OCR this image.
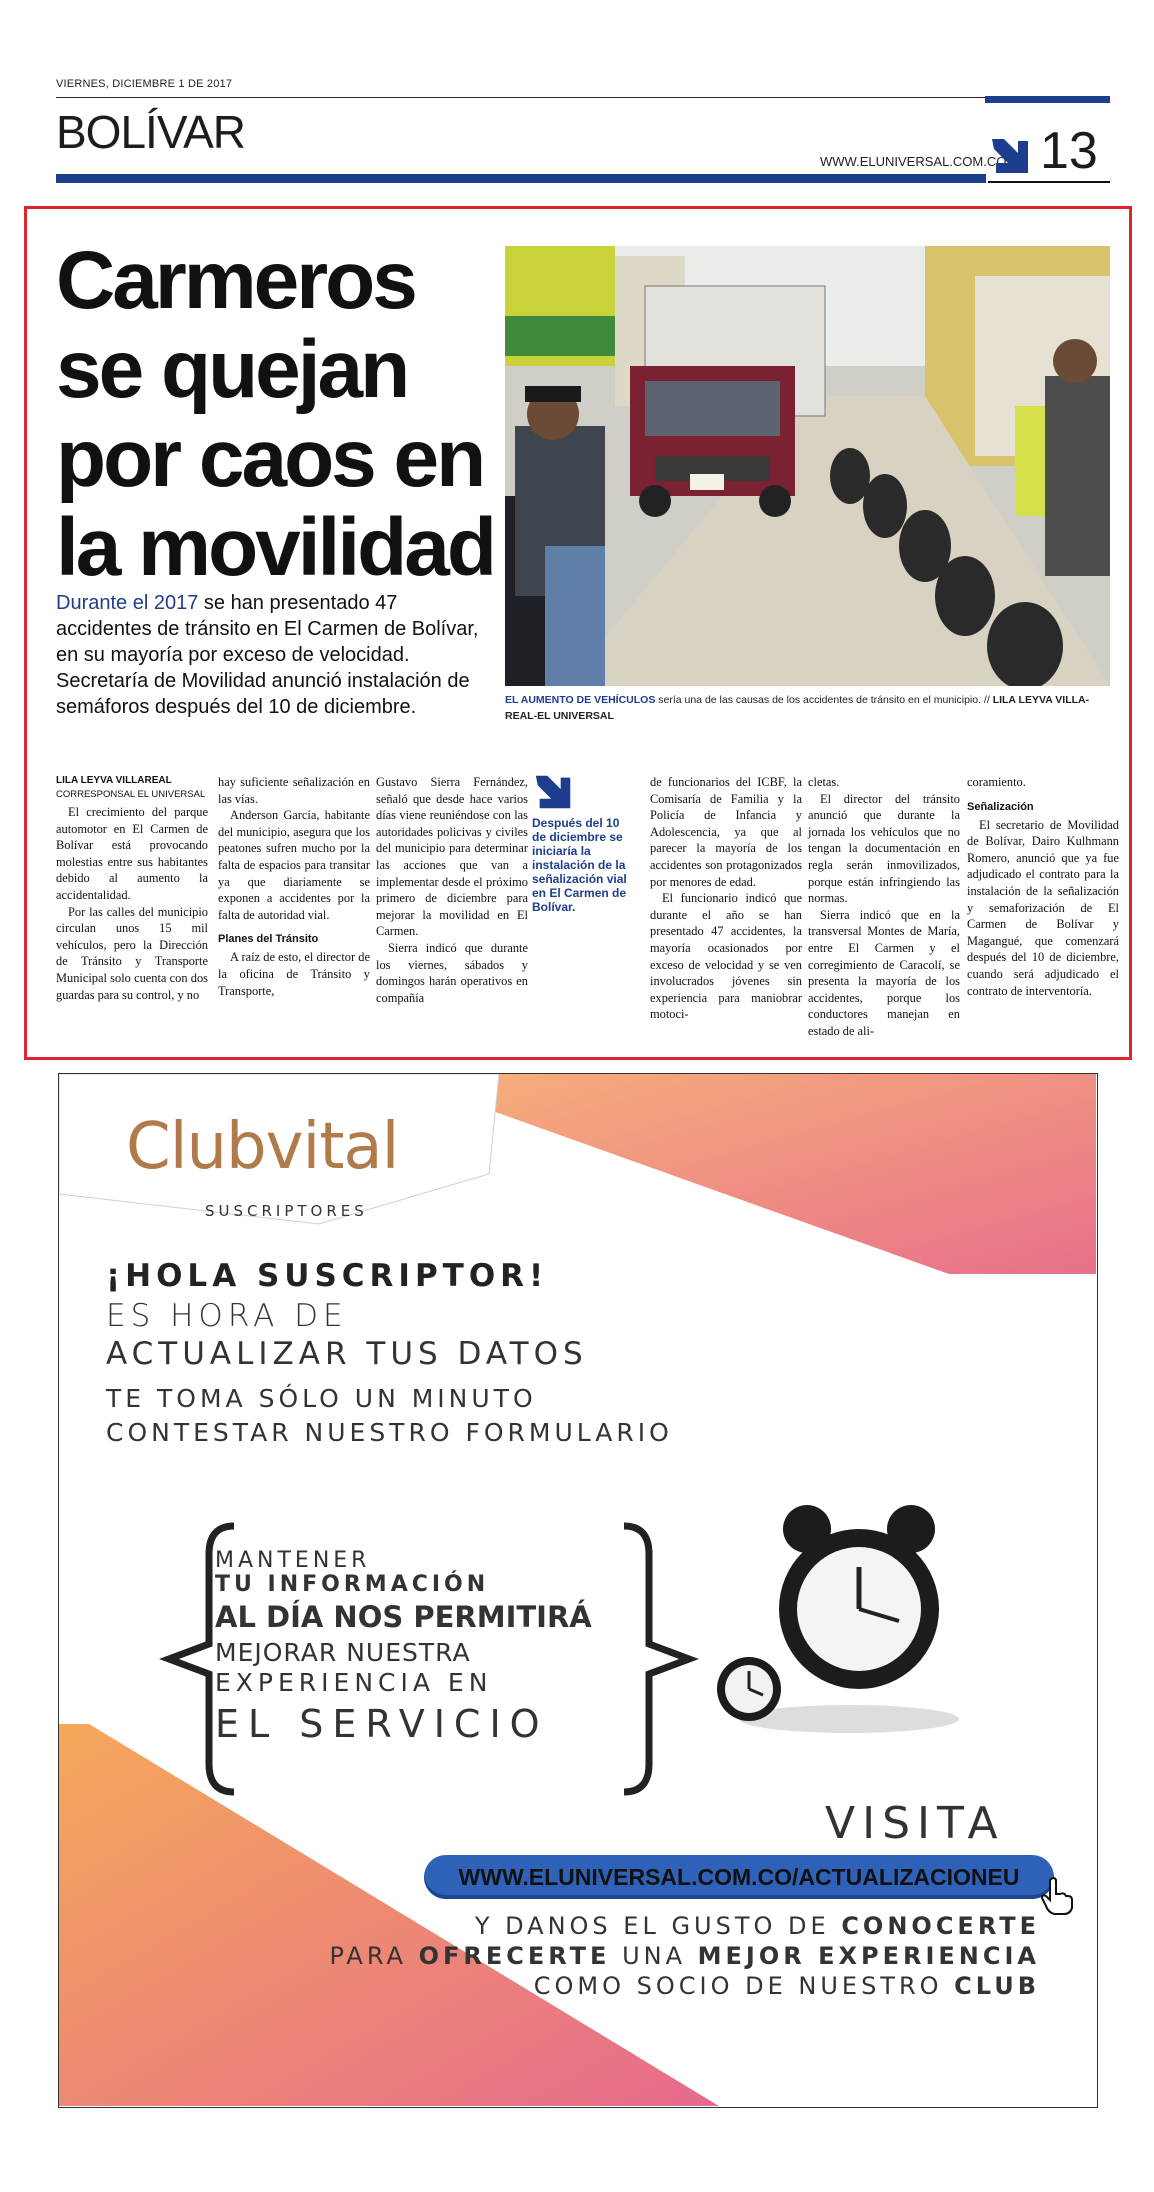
VIERNES, DICIEMBRE 1 DE 2017
BOLÍVAR
WWW.ELUNIVERSAL.COM.CO 13
Carmeros se quejan por caos en la movilidad
Durante el 2017 se han presentado 47 accidentes de tránsito en El Carmen de Bolívar, en su mayoría por exceso de velocidad. Secretaría de Movilidad anunció instalación de semáforos después del 10 de diciembre.	EL AUMENTO DE VEHÍCULOS sería una de las causas de los accidentes de tránsito en el municipio. // LILA LEYVA VILLA-REAL-EL UNIVERSAL
LILA LEYVA VILLAREAL
CORRESPONSAL EL UNIVERSAL

El crecimiento del parque automotor en El Carmen de Bolívar está provocando molestias entre sus habitantes debido al aumento la accidentalidad.

Por las calles del municipio circulan unos 15 mil vehículos, pero la Dirección de Tránsito y Transporte Municipal solo cuenta con dos guardas para su control, y no

hay suficiente señalización en las vías.

Anderson García, habitante del municipio, asegura que los peatones sufren mucho por la falta de espacios para transitar ya que diariamente se exponen a accidentes por la falta de autoridad vial.

Planes del Tránsito

A raíz de esto, el director de la oficina de Tránsito y Transporte,

Gustavo Sierra Fernández, señaló que desde hace varios días viene reuniéndose con las autoridades policivas y civiles del municipio para determinar las acciones que van a implementar desde el próximo primero de diciembre para mejorar la movilidad en El Carmen.

Sierra indicó que durante los viernes, sábados y domingos harán operativos en compañía

Después del 10 de diciembre se iniciaría la instalación de la señalización vial en El Carmen de Bolívar.

de funcionarios del ICBF, la Comisaría de Familia y la Policía de Infancia y Adolescencia, ya que al parecer la mayoría de los accidentes son protagonizados por menores de edad.

El funcionario indicó que durante el año se han presentado 47 accidentes, la mayoría ocasionados por exceso de velocidad y se ven involucrados jóvenes sin experiencia para maniobrar motoci-

cletas.

El director del tránsito anunció que durante la jornada los vehículos que no tengan la documentación en regla serán inmovilizados, porque están infringiendo las normas.

Sierra indicó que en la transversal Montes de María, entre El Carmen y el corregimiento de Caracolí, se presenta la mayoría de los accidentes, porque los conductores manejan en estado de ali-

coramiento.

Señalización

El secretario de Movilidad de Bolívar, Dairo Kulhmann Romero, anunció que ya fue adjudicado el contrato para la instalación de la señalización y semaforización de El Carmen de Bolívar y Magangué, que comenzará después del 10 de diciembre, cuando será adjudicado el contrato de interventoría.

Clubvital
SUSCRIPTORES
¡HOLA SUSCRIPTOR!
ES HORA DE
ACTUALIZAR TUS DATOS
TE TOMA SÓLO UN MINUTO
CONTESTAR NUESTRO FORMULARIO
MANTENER
TU INFORMACIÓN
AL DÍA NOS PERMITIRÁ
MEJORAR NUESTRA
EXPERIENCIA EN
EL SERVICIO
VISITA
WWW.ELUNIVERSAL.COM.CO/ACTUALIZACIONEU
Y DANOS EL GUSTO DE CONOCERTE
PARA OFRECERTE UNA MEJOR EXPERIENCIA
COMO SOCIO DE NUESTRO CLUB
